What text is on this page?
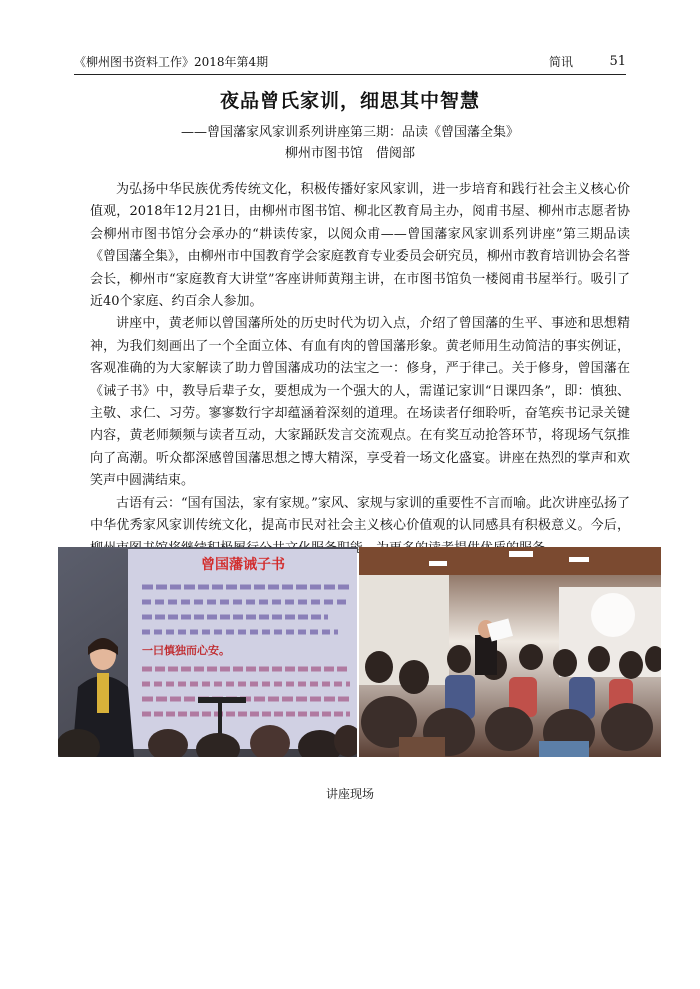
《柳州图书资料工作》2018年第4期	简讯	51
夜品曾氏家训，细思其中智慧
——曾国藩家风家训系列讲座第三期：品读《曾国藩全集》
柳州市图书馆　借阅部

为弘扬中华民族优秀传统文化，积极传播好家风家训，进一步培育和践行社会主义核心价值观，2018年12月21日，由柳州市图书馆、柳北区教育局主办，阅甫书屋、柳州市志愿者协会柳州市图书馆分会承办的“耕读传家，以阅众甫——曾国藩家风家训系列讲座”第三期品读《曾国藩全集》，由柳州市中国教育学会家庭教育专业委员会研究员，柳州市教育培训协会名誉会长，柳州市“家庭教育大讲堂”客座讲师黄翔主讲，在市图书馆负一楼阅甫书屋举行。吸引了近40个家庭、约百余人参加。

讲座中，黄老师以曾国藩所处的历史时代为切入点，介绍了曾国藩的生平、事迹和思想精神，为我们刻画出了一个全面立体、有血有肉的曾国藩形象。黄老师用生动简洁的事实例证，客观准确的为大家解读了助力曾国藩成功的法宝之一：修身，严于律己。关于修身，曾国藩在《诫子书》中，教导后辈子女，要想成为一个强大的人，需谨记家训“日课四条”，即：慎独、主敬、求仁、习劳。寥寥数行字却蕴涵着深刻的道理。在场读者仔细聆听，奋笔疾书记录关键内容，黄老师频频与读者互动，大家踊跃发言交流观点。在有奖互动抢答环节，将现场气氛推向了高潮。听众都深感曾国藩思想之博大精深，享受着一场文化盛宴。讲座在热烈的掌声和欢笑声中圆满结束。

古语有云：“国有国法，家有家规。”家风、家规与家训的重要性不言而喻。此次讲座弘扬了中华优秀家风家训传统文化，提高市民对社会主义核心价值观的认同感具有积极意义。今后，

曾国藩诫子书
一曰慎独而心安。
讲座现场
